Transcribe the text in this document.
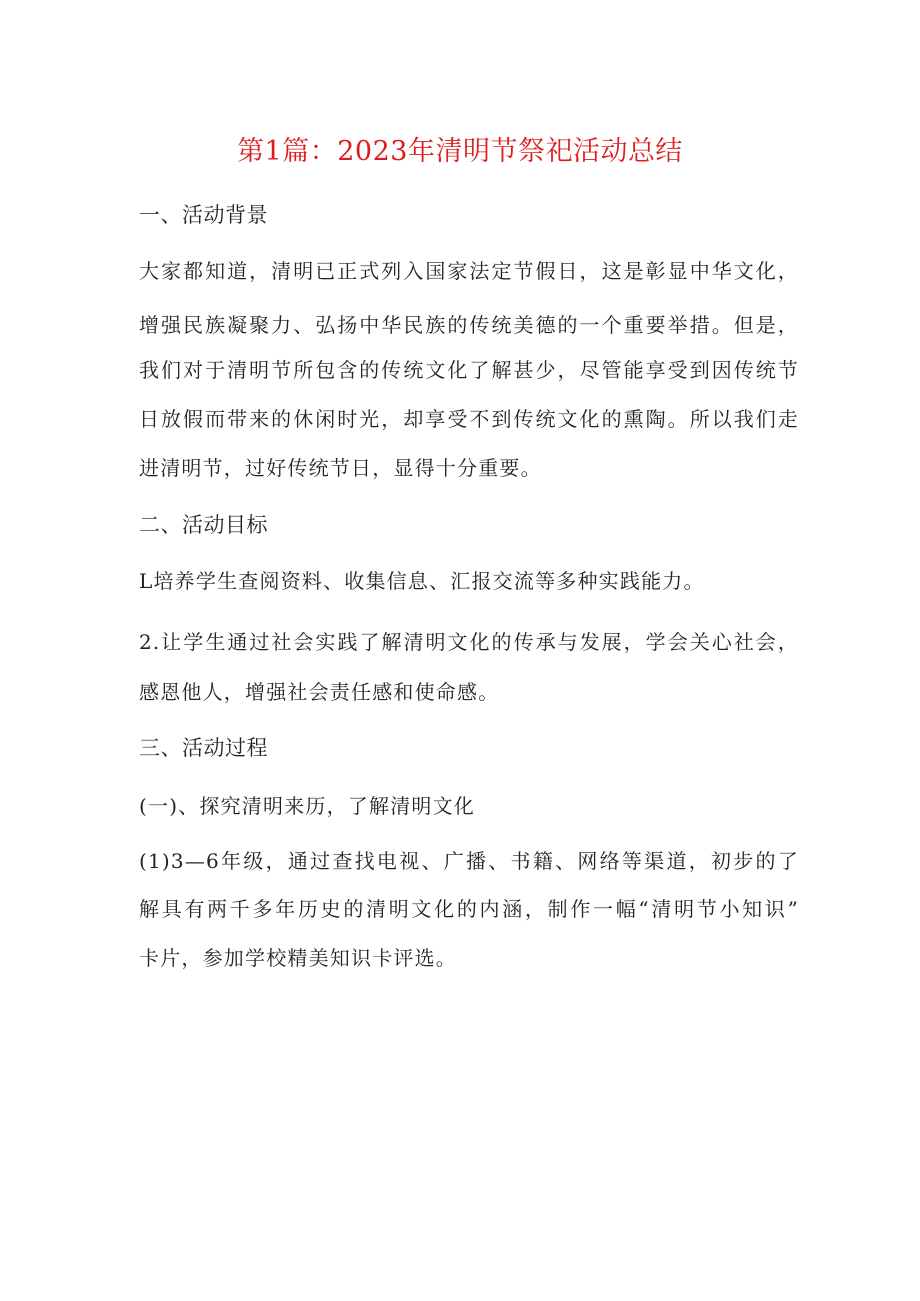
第1篇：2023年清明节祭祀活动总结
一、活动背景
大家都知道，清明已正式列入国家法定节假日，这是彰显中华文化，
增强民族凝聚力、弘扬中华民族的传统美德的一个重要举措。但是，
我们对于清明节所包含的传统文化了解甚少，尽管能享受到因传统节
日放假而带来的休闲时光，却享受不到传统文化的熏陶。所以我们走
进清明节，过好传统节日，显得十分重要。
二、活动目标
L培养学生查阅资料、收集信息、汇报交流等多种实践能力。
2.让学生通过社会实践了解清明文化的传承与发展，学会关心社会，
感恩他人，增强社会责任感和使命感。
三、活动过程
(一)、探究清明来历，了解清明文化
(1)3—6年级，通过查找电视、广播、书籍、网络等渠道，初步的了
解具有两千多年历史的清明文化的内涵，制作一幅“清明节小知识”
卡片，参加学校精美知识卡评选。
